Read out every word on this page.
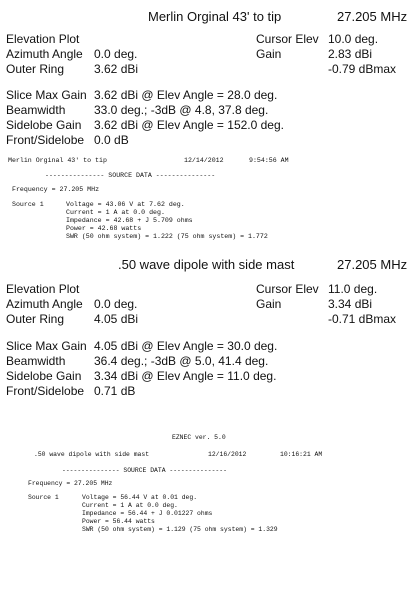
Merlin Orginal 43' to tip	27.205 MHz
Elevation Plot	Cursor Elev 10.0 deg.
Azimuth Angle 0.0 deg.	Gain	2.83 dBi
Outer Ring 3.62 dBi	-0.79 dBmax
Slice Max Gain 3.62 dBi @ Elev Angle = 28.0 deg.
Beamwidth 33.0 deg.; -3dB @ 4.8, 37.8 deg.
Sidelobe Gain 3.62 dBi @ Elev Angle = 152.0 deg.
Front/Sidelobe 0.0 dB
Merlin Orginal 43' to tip	12/14/2012	9:54:56 AM
--------------- SOURCE DATA ---------------
Frequency = 27.205 MHz
Source 1	Voltage = 43.06 V at 7.62 deg.
Current = 1 A at 0.0 deg.
Impedance = 42.68 + J 5.709 ohms
Power = 42.68 watts
SWR (50 ohm system) = 1.222 (75 ohm system) = 1.772
.50 wave dipole with side mast	27.205 MHz
Elevation Plot	Cursor Elev 11.0 deg.
Azimuth Angle 0.0 deg.	Gain	3.34 dBi
Outer Ring 4.05 dBi	-0.71 dBmax
Slice Max Gain 4.05 dBi @ Elev Angle = 30.0 deg.
Beamwidth 36.4 deg.; -3dB @ 5.0, 41.4 deg.
Sidelobe Gain 3.34 dBi @ Elev Angle = 11.0 deg.
Front/Sidelobe 0.71 dB
EZNEC ver. 5.0
.50 wave dipole with side mast	12/16/2012	10:16:21 AM
--------------- SOURCE DATA ---------------
Frequency = 27.205 MHz
Source 1	Voltage = 56.44 V at 0.01 deg.
Current = 1 A at 0.0 deg.
Impedance = 56.44 + J 0.01227 ohms
Power = 56.44 watts
SWR (50 ohm system) = 1.129 (75 ohm system) = 1.329
